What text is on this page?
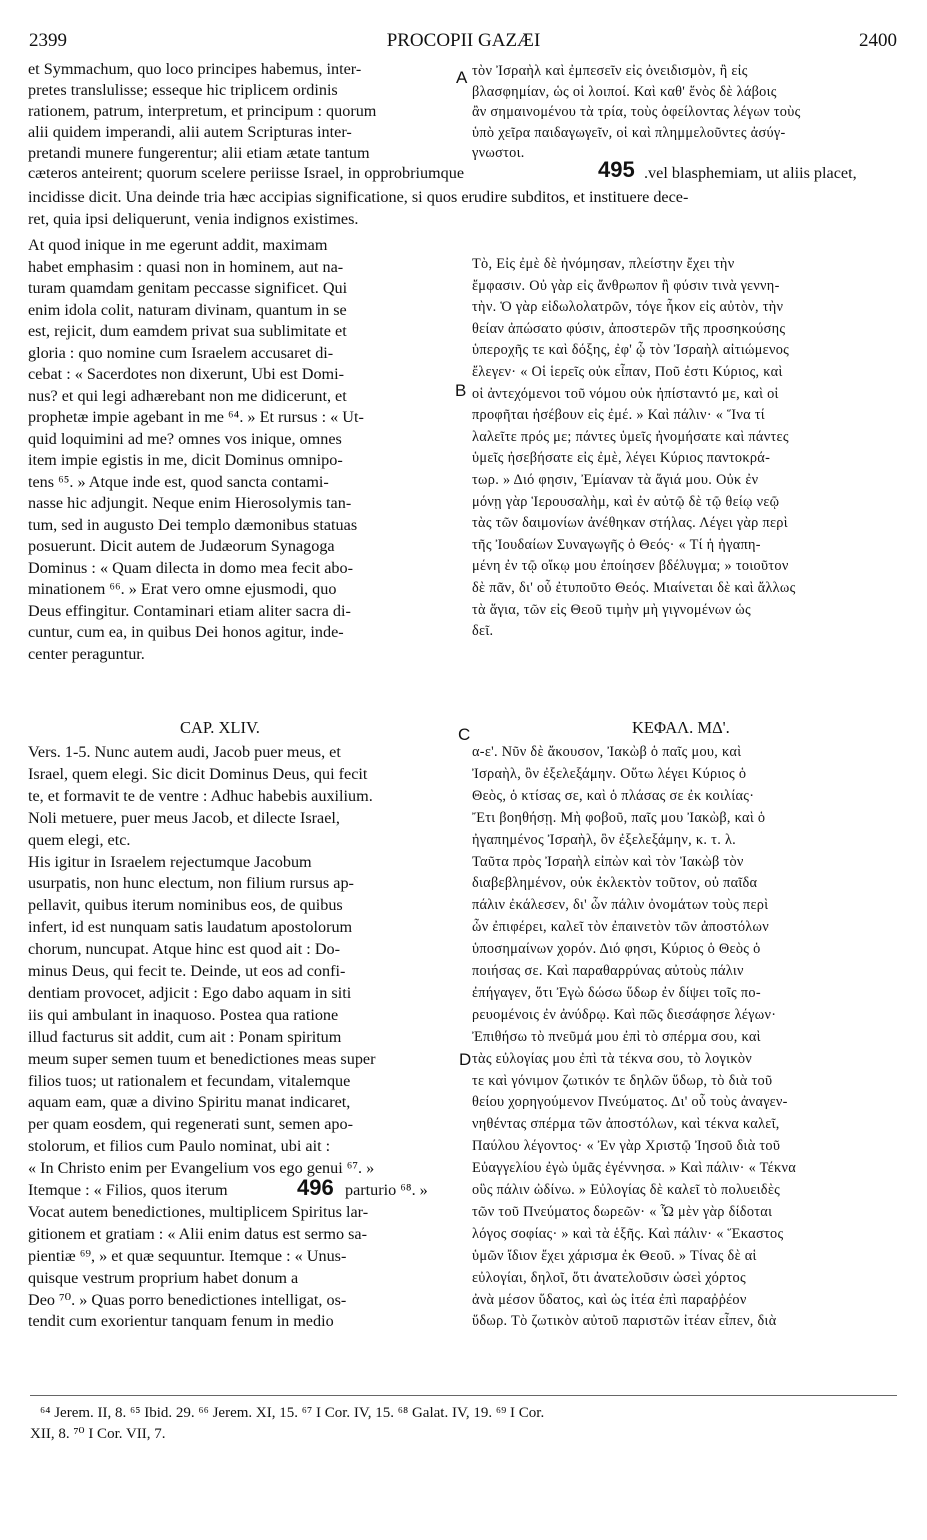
2399	PROCOPII GAZÆI	2400
et Symmachum, quo loco principes habemus, inter-
pretes translulisse; esseque hic triplicem ordinis
rationem, patrum, interpretum, et principum : quorum
alii quidem imperandi, alii autem Scripturas inter-
pretandi munere fungerentur; alii etiam ætate tantum
τὸν Ἰσραὴλ καὶ ἐμπεσεῖν εἰς ὀνειδισμὸν, ἢ εἰς
βλασφημίαν, ὡς οἱ λοιποί. Καὶ καθ' ἕνὸς δὲ λάβοις
ἂν σημαινομένου τὰ τρία, τοὺς ὀφείλοντας λέγων τοὺς
ὑπὸ χεῖρα παιδαγωγεῖν, οἱ καὶ πλημμελοῦντες ἀσύγ-
γνωστοι.
cæteros anteirent; quorum scelere periisse Israel, in opprobriumque	495 .vel blasphemiam, ut aliis placet,
incidisse dicit. Una deinde tria hæc accipias significatione, si quos erudire subditos, et instituere dece-
ret, quia ipsi deliquerunt, venia indignos existimes.
At quod inique in me egerunt addit, maximam
habet emphasim : quasi non in hominem, aut na-
turam quamdam genitam peccasse significet. Qui
enim idola colit, naturam divinam, quantum in se
est, rejicit, dum eamdem privat sua sublimitate et
gloria : quo nomine cum Israelem accusaret di-
cebat : « Sacerdotes non dixerunt, Ubi est Domi-
nus? et qui legi adhærebant non me didicerunt, et
prophetæ impie agebant in me ⁶⁴. » Et rursus : « Ut-
quid loquimini ad me? omnes vos inique, omnes
item impie egistis in me, dicit Dominus omnipo-
tens ⁶⁵. » Atque inde est, quod sancta contami-
nasse hic adjungit. Neque enim Hierosolymis tan-
tum, sed in augusto Dei templo dæmonibus statuas
posuerunt. Dicit autem de Judæorum Synagoga
Dominus : « Quam dilecta in domo mea fecit abo-
minationem ⁶⁶. » Erat vero omne ejusmodi, quo
Deus effingitur. Contaminari etiam aliter sacra di-
cuntur, cum ea, in quibus Dei honos agitur, inde-
center peraguntur.
Τὸ, Εἰς ἐμὲ δὲ ἠνόμησαν, πλείστην ἔχει τὴν
ἔμφασιν. Οὐ γὰρ εἰς ἄνθρωπον ἢ φύσιν τινὰ γεννη-
τὴν. Ὁ γὰρ εἰδωλολατρῶν, τόγε ἧκον εἰς αὐτὸν, τὴν
θείαν ἀπώσατο φύσιν, ἀποστερῶν τῆς προσηκούσης
ὑπεροχῆς τε καὶ δόξης, ἐφ' ᾧ τὸν Ἰσραὴλ αἰτιώμενος
ἔλεγεν· « Οἱ ἱερεῖς οὐκ εἶπαν, Ποῦ ἐστι Κύριος, καὶ
οἱ ἀντεχόμενοι τοῦ νόμου οὐκ ἠπίσταντό με, καὶ οἱ
προφῆται ἠσέβουν εἰς ἐμέ. » Καὶ πάλιν· « Ἵνα τί
λαλεῖτε πρός με; πάντες ὑμεῖς ἠνομήσατε καὶ πάντες
ὑμεῖς ἠσεβήσατε εἰς ἐμὲ, λέγει Κύριος παντοκρά-
τωρ. » Διό φησιν, Ἐμίαναν τὰ ἅγιά μου. Οὐκ ἐν
μόνῃ γὰρ Ἱερουσαλὴμ, καὶ ἐν αὐτῷ δὲ τῷ θείῳ νεῷ
τὰς τῶν δαιμονίων ἀνέθηκαν στήλας. Λέγει γὰρ περὶ
τῆς Ἰουδαίων Συναγωγῆς ὁ Θεός· « Τί ἡ ἠγαπη-
μένη ἐν τῷ οἴκῳ μου ἐποίησεν βδέλυγμα; » τοιοῦτον
δὲ πᾶν, δι' οὗ ἐτυποῦτο Θεός. Μιαίνεται δὲ καὶ ἄλλως
τὰ ἅγια, τῶν εἰς Θεοῦ τιμὴν μὴ γιγνομένων ὡς
δεῖ.
CAP. XLIV.	ΚΕΦΑΛ. ΜΔ'.
Vers. 1-5. Nunc autem audi, Jacob puer meus, et
Israel, quem elegi. Sic dicit Dominus Deus, qui fecit
te, et formavit te de ventre : Adhuc habebis auxilium.
Noli metuere, puer meus Jacob, et dilecte Israel,
quem elegi, etc.
His igitur in Israelem rejectumque Jacobum
usurpatis, non hunc electum, non filium rursus ap-
pellavit, quibus iterum nominibus eos, de quibus
infert, id est nunquam satis laudatum apostolorum
chorum, nuncupat. Atque hinc est quod ait : Do-
minus Deus, qui fecit te. Deinde, ut eos ad confi-
dentiam provocet, adjicit : Ego dabo aquam in siti
iis qui ambulant in inaquoso. Postea qua ratione
illud facturus sit addit, cum ait : Ponam spiritum
meum super semen tuum et benedictiones meas super
filios tuos; ut rationalem et fecundam, vitalemque
aquam eam, quæ a divino Spiritu manat indicaret,
per quam eosdem, qui regenerati sunt, semen apo-
stolorum, et filios cum Paulo nominat, ubi ait :
« In Christo enim per Evangelium vos ego genui ⁶⁷. »
Itemque : « Filios, quos iterum
Vocat autem benedictiones, multiplicem Spiritus lar-
gitionem et gratiam : « Alii enim datus est sermo sa-
pientiæ ⁶⁹, » et quæ sequuntur. Itemque : « Unus-
quisque vestrum proprium habet donum a
Deo ⁷⁰. » Quas porro benedictiones intelligat, os-
tendit cum exorientur tanquam fenum in medio
496 parturio ⁶⁸. »
α-ε'. Νῦν δὲ ἄκουσον, Ἰακὼβ ὁ παῖς μου, καὶ
Ἰσραὴλ, ὃν ἐξελεξάμην. Οὕτω λέγει Κύριος ὁ
Θεὸς, ὁ κτίσας σε, καὶ ὁ πλάσας σε ἐκ κοιλίας·
Ἔτι βοηθήσῃ. Μὴ φοβοῦ, παῖς μου Ἰακὼβ, καὶ ὁ
ἠγαπημένος Ἰσραὴλ, ὃν ἐξελεξάμην, κ. τ. λ.
Ταῦτα πρὸς Ἰσραὴλ εἰπὼν καὶ τὸν Ἰακὼβ τὸν
διαβεβλημένον, οὐκ ἐκλεκτὸν τοῦτον, οὐ παῖδα
πάλιν ἐκάλεσεν, δι' ὧν πάλιν ὀνομάτων τοὺς περὶ
ὧν ἐπιφέρει, καλεῖ τὸν ἐπαινετὸν τῶν ἀποστόλων
ὑποσημαίνων χορόν. Διό φησι, Κύριος ὁ Θεὸς ὁ
ποιήσας σε. Καὶ παραθαρρύνας αὐτοὺς πάλιν
ἐπήγαγεν, ὅτι Ἐγὼ δώσω ὕδωρ ἐν δίψει τοῖς πο-
ρευομένοις ἐν ἀνύδρῳ. Καὶ πῶς διεσάφησε λέγων·
Ἐπιθήσω τὸ πνεῦμά μου ἐπὶ τὸ σπέρμα σου, καὶ
τὰς εὐλογίας μου ἐπὶ τὰ τέκνα σου, τὸ λογικὸν
τε καὶ γόνιμον ζωτικόν τε δηλῶν ὕδωρ, τὸ διὰ τοῦ
θείου χορηγούμενον Πνεύματος. Δι' οὗ τοὺς ἀναγεν-
νηθέντας σπέρμα τῶν ἀποστόλων, καὶ τέκνα καλεῖ,
Παύλου λέγοντος· « Ἐν γὰρ Χριστῷ Ἰησοῦ διὰ τοῦ
Εὐαγγελίου ἐγὼ ὑμᾶς ἐγέννησα. » Καὶ πάλιν· « Τέκνα
οὓς πάλιν ὠδίνω. » Εὐλογίας δὲ καλεῖ τὸ πολυειδὲς
τῶν τοῦ Πνεύματος δωρεῶν· « Ὧ μὲν γὰρ δίδοται
λόγος σοφίας· » καὶ τὰ ἑξῆς. Καὶ πάλιν· « Ἕκαστος
ὑμῶν ἴδιον ἔχει χάρισμα ἐκ Θεοῦ. » Τίνας δὲ αἱ
εὐλογίαι, δηλοῖ, ὅτι ἀνατελοῦσιν ὡσεὶ χόρτος
ἀνὰ μέσον ὕδατος, καὶ ὡς ἰτέα ἐπὶ παραῤῥέον
ὕδωρ. Τὸ ζωτικὸν αὐτοῦ παριστῶν ἰτέαν εἶπεν, διὰ
⁶⁴ Jerem. II, 8. ⁶⁵ Ibid. 29. ⁶⁶ Jerem. XI, 15. ⁶⁷ I Cor. IV, 15. ⁶⁸ Galat. IV, 19. ⁶⁹ I Cor.
XII, 8. ⁷⁰ I Cor. VII, 7.
A
B
C
D
